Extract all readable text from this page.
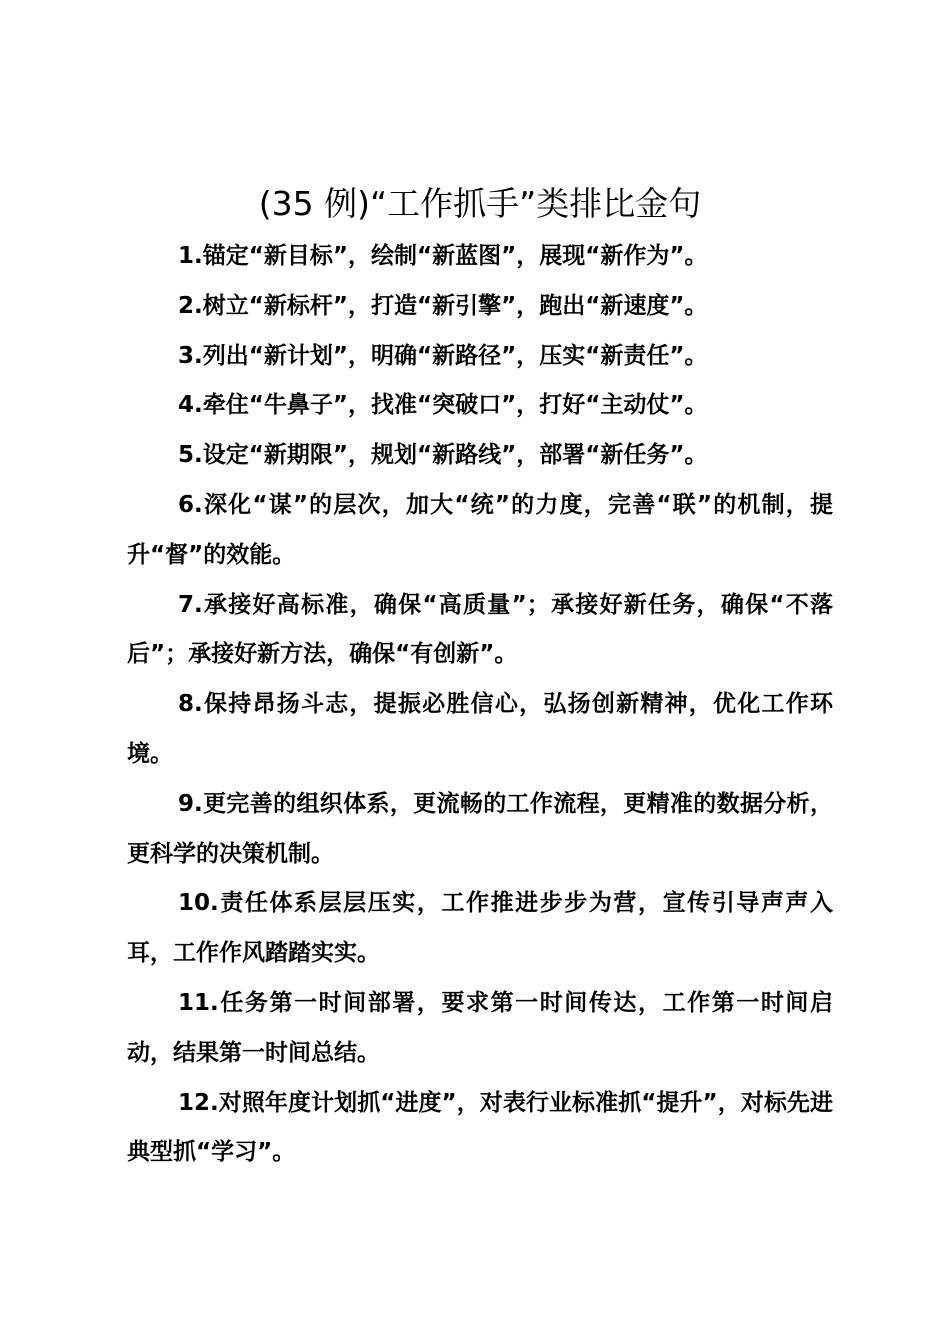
(35 例)“工作抓手”类排比金句

1.锚定“新目标”，绘制“新蓝图”，展现“新作为”。

2.树立“新标杆”，打造“新引擎”，跑出“新速度”。

3.列出“新计划”，明确“新路径”，压实“新责任”。

4.牵住“牛鼻子”，找准“突破口”，打好“主动仗”。

5.设定“新期限”，规划“新路线”，部署“新任务”。

6.深化“谋”的层次，加大“统”的力度，完善“联”的机制，提升“督”的效能。

7.承接好高标准，确保“高质量”；承接好新任务，确保“不落后”；承接好新方法，确保“有创新”。

8.保持昂扬斗志，提振必胜信心，弘扬创新精神，优化工作环境。

9.更完善的组织体系，更流畅的工作流程，更精准的数据分析，更科学的决策机制。

10.责任体系层层压实，工作推进步步为营，宣传引导声声入耳，工作作风踏踏实实。

11.任务第一时间部署，要求第一时间传达，工作第一时间启动，结果第一时间总结。

12.对照年度计划抓“进度”，对表行业标准抓“提升”，对标先进典型抓“学习”。
